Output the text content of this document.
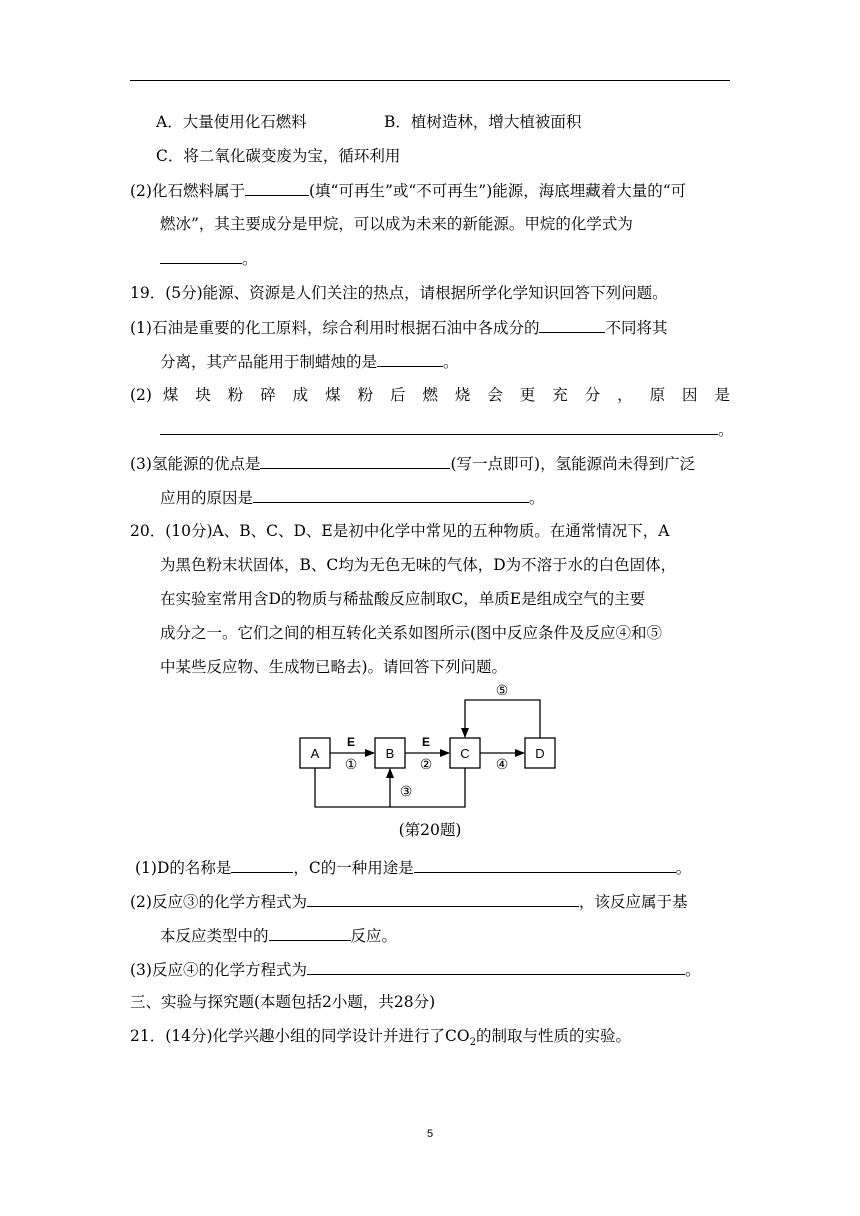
A．大量使用化石燃料	B．植树造林，增大植被面积
C．将二氧化碳变废为宝，循环利用
(2)化石燃料属于	(填“可再生”或“不可再生”)能源，海底埋藏着大量的“可
燃冰”，其主要成分是甲烷，可以成为未来的新能源。甲烷的化学式为
。
19．(5分)能源、资源是人们关注的热点，请根据所学化学知识回答下列问题。
(1)石油是重要的化工原料，综合利用时根据石油中各成分的	不同将其
分离，其产品能用于制蜡烛的是	。
(2) 煤 块 粉 碎 成 煤 粉 后 燃 烧 会 更 充 分 ， 原 因 是
。
(3)氢能源的优点是	(写一点即可)，氢能源尚未得到广泛
应用的原因是	。
20．(10分)A、B、C、D、E是初中化学中常见的五种物质。在通常情况下，A
为黑色粉末状固体，B、C均为无色无味的气体，D为不溶于水的白色固体，
在实验室常用含D的物质与稀盐酸反应制取C，单质E是组成空气的主要
成分之一。它们之间的相互转化关系如图所示(图中反应条件及反应④和⑤
中某些反应物、生成物已略去)。请回答下列问题。
A	B	C	D
E	E
①	②	④
⑤
③
(第20题)
(1)D的名称是	，C的一种用途是	。
(2)反应③的化学方程式为	，该反应属于基
本反应类型中的	反应。
(3)反应④的化学方程式为	。
三、实验与探究题(本题包括2小题，共28分)
21．(14分)化学兴趣小组的同学设计并进行了$CO_2$的制取与性质的实验。
5
